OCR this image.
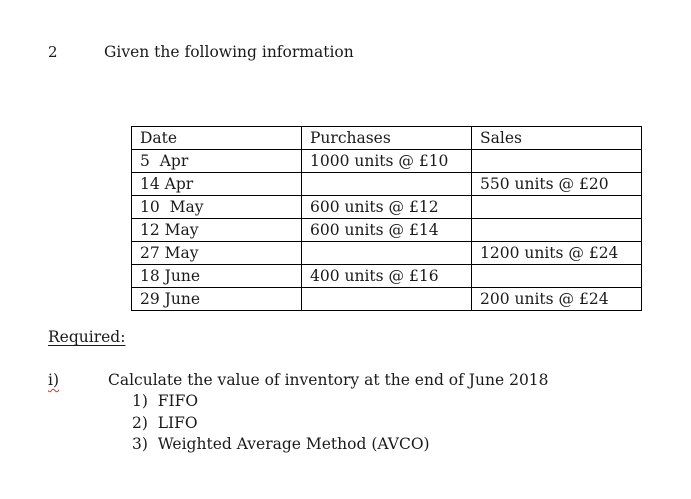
2	Given the following information
Date	Purchases	Sales
5  Apr	1000 units @ £10	
14 Apr		550 units @ £20
10  May	600 units @ £12	
12 May	600 units @ £14	
27 May		1200 units @ £24
18 June	400 units @ £16	
29 June		200 units @ £24
Required:
i)	Calculate the value of inventory at the end of June 2018
1)  FIFO
2)  LIFO
3)  Weighted Average Method (AVCO)
